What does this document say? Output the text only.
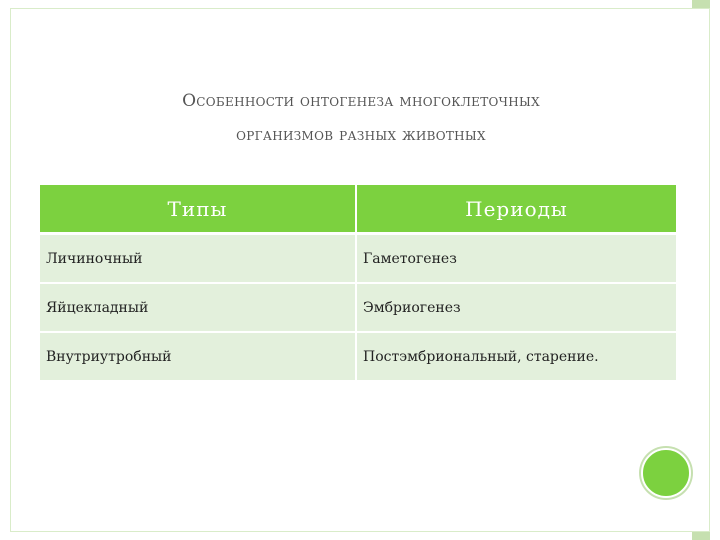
Особенности онтогенеза многоклеточных
организмов разных животных
Типы	Периоды
Личиночный	Гаметогенез
Яйцекладный	Эмбриогенез
Внутриутробный	Постэмбриональный, старение.
